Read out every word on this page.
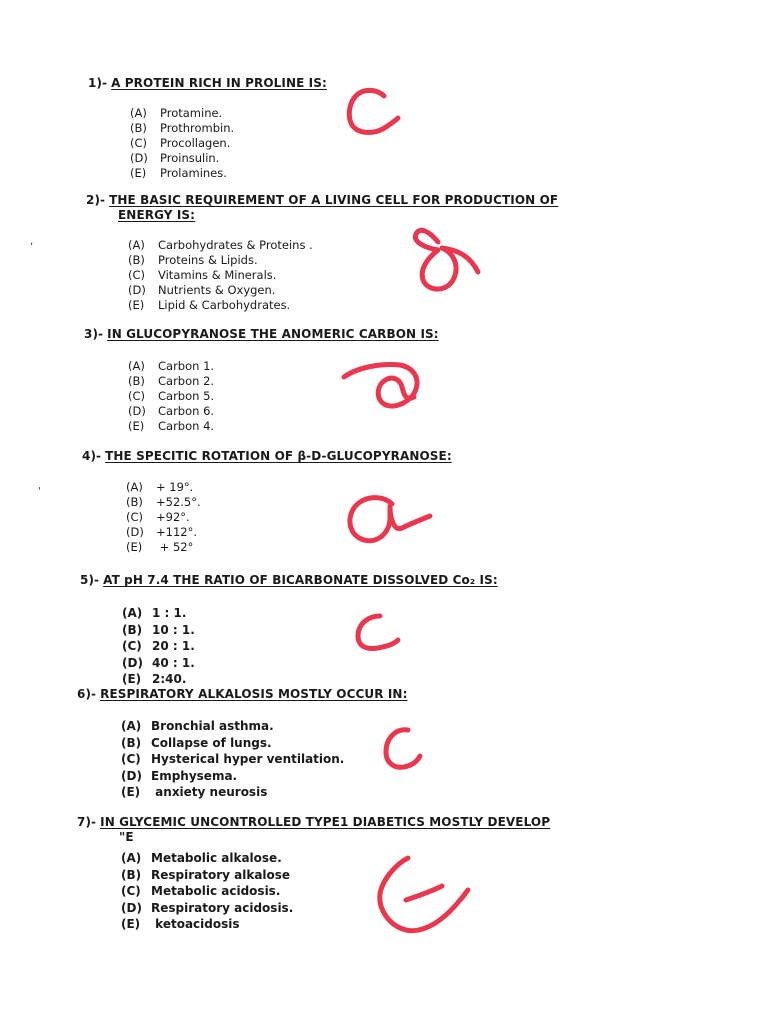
1)- A PROTEIN RICH IN PROLINE IS:
(A) Protamine.
(B) Prothrombin.
(C) Procollagen.
(D) Proinsulin.
(E) Prolamines.
2)- THE BASIC REQUIREMENT OF A LIVING CELL FOR PRODUCTION OF
ENERGY IS:
(A) Carbohydrates & Proteins .
(B) Proteins & Lipids.
(C) Vitamins & Minerals.
(D) Nutrients & Oxygen.
(E) Lipid & Carbohydrates.
3)- IN GLUCOPYRANOSE THE ANOMERIC CARBON IS:
(A) Carbon 1.
(B) Carbon 2.
(C) Carbon 5.
(D) Carbon 6.
(E) Carbon 4.
4)- THE SPECITIC ROTATION OF β-D-GLUCOPYRANOSE:
(A) + 19°.
(B) +52.5°.
(C) +92°.
(D) +112°.
(E) + 52°
5)- AT pH 7.4 THE RATIO OF BICARBONATE DISSOLVED Co₂ IS:
(A) 1 : 1.
(B) 10 : 1.
(C) 20 : 1.
(D) 40 : 1.
(E) 2:40.
6)- RESPIRATORY ALKALOSIS MOSTLY OCCUR IN:
(A) Bronchial asthma.
(B) Collapse of lungs.
(C) Hysterical hyper ventilation.
(D) Emphysema.
(E) anxiety neurosis
7)- IN GLYCEMIC UNCONTROLLED TYPE1 DIABETICS MOSTLY DEVELOP
"E
(A) Metabolic alkalose.
(B) Respiratory alkalose
(C) Metabolic acidosis.
(D) Respiratory acidosis.
(E) ketoacidosis
,
'
